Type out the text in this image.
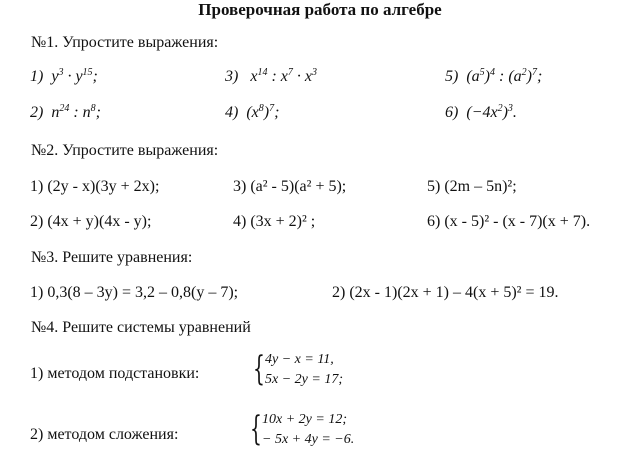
Проверочная работа по алгебре
№1. Упростите выражения:
1) $y^3 \cdot y^{15}$;	3) $x^{14}$ : $x^7 \cdot x^3$	5) $(a^5)^4$ : $(a^2)^7$;
2) $n^{24}$ : $n^8$;	4) $(x^8)^7$;	6) $(-4x^2)^3$.
№2. Упростите выражения:
1) (2y - x)(3y + 2x);	3) (a² - 5)(a² + 5);	5) (2m – 5n)²;
2) (4x + y)(4x - y);	4) (3x + 2)² ;	6) (x - 5)² - (x - 7)(x + 7).
№3. Решите уравнения:
1) 0,3(8 – 3y) = 3,2 – 0,8(y – 7);	2) (2x - 1)(2x + 1) – 4(x + 5)² = 19.
№4. Решите системы уравнений
1) методом подстановки: { 4y − x = 11,
5x − 2y = 17;
2) методом сложения: { 10x + 2y = 12;
− 5x + 4y = −6.
